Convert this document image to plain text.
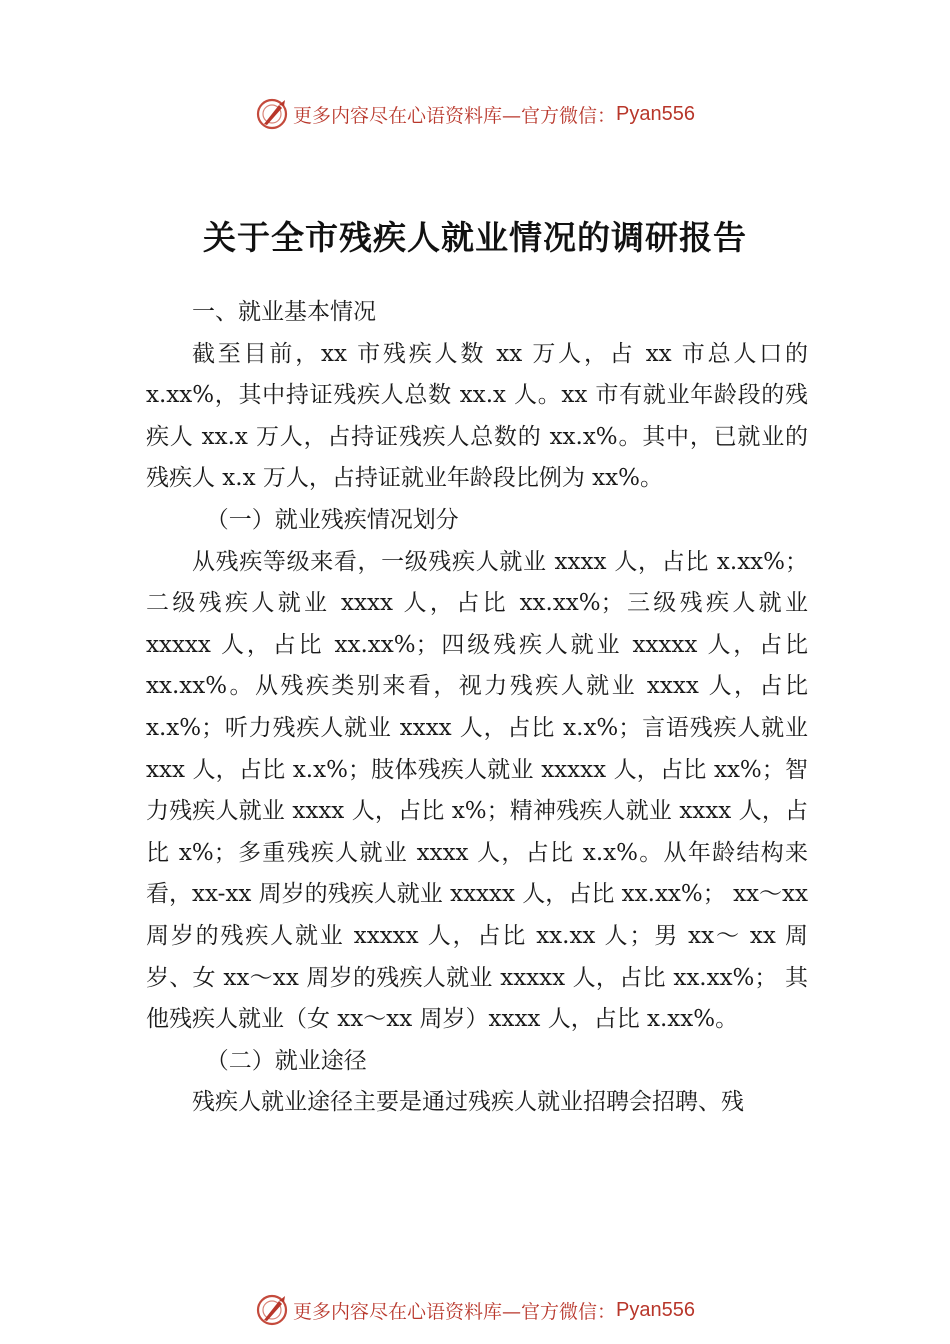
更多内容尽在心语资料库—官方微信： Pyan556
关于全市残疾人就业情况的调研报告

一、就业基本情况

截至目前，xx 市残疾人数 xx 万人，占 xx 市总人口的 x.xx%，其中持证残疾人总数 xx.x 人。xx 市有就业年龄段的残疾人 xx.x 万人，占持证残疾人总数的 xx.x%。其中，已就业的残疾人 x.x 万人，占持证就业年龄段比例为 xx%。

（一）就业残疾情况划分

从残疾等级来看，一级残疾人就业 xxxx 人，占比 x.xx%；二级残疾人就业 xxxx 人，占比 xx.xx%；三级残疾人就业 xxxxx 人，占比 xx.xx%；四级残疾人就业 xxxxx 人，占比 xx.xx%。从残疾类别来看，视力残疾人就业 xxxx 人，占比 x.x%；听力残疾人就业 xxxx 人，占比 x.x%；言语残疾人就业 xxx 人，占比 x.x%；肢体残疾人就业 xxxxx 人，占比 xx%；智力残疾人就业 xxxx 人，占比 x%；精神残疾人就业 xxxx 人，占比 x%；多重残疾人就业 xxxx 人，占比 x.x%。从年龄结构来看，xx-xx 周岁的残疾人就业 xxxxx 人，占比 xx.xx%； xx～xx 周岁的残疾人就业 xxxxx 人，占比 xx.xx 人；男 xx～ xx 周岁、女 xx～xx 周岁的残疾人就业 xxxxx 人，占比 xx.xx%； 其他残疾人就业（女 xx～xx 周岁）xxxx 人，占比 x.xx%。

（二）就业途径

残疾人就业途径主要是通过残疾人就业招聘会招聘、残

更多内容尽在心语资料库—官方微信： Pyan556
